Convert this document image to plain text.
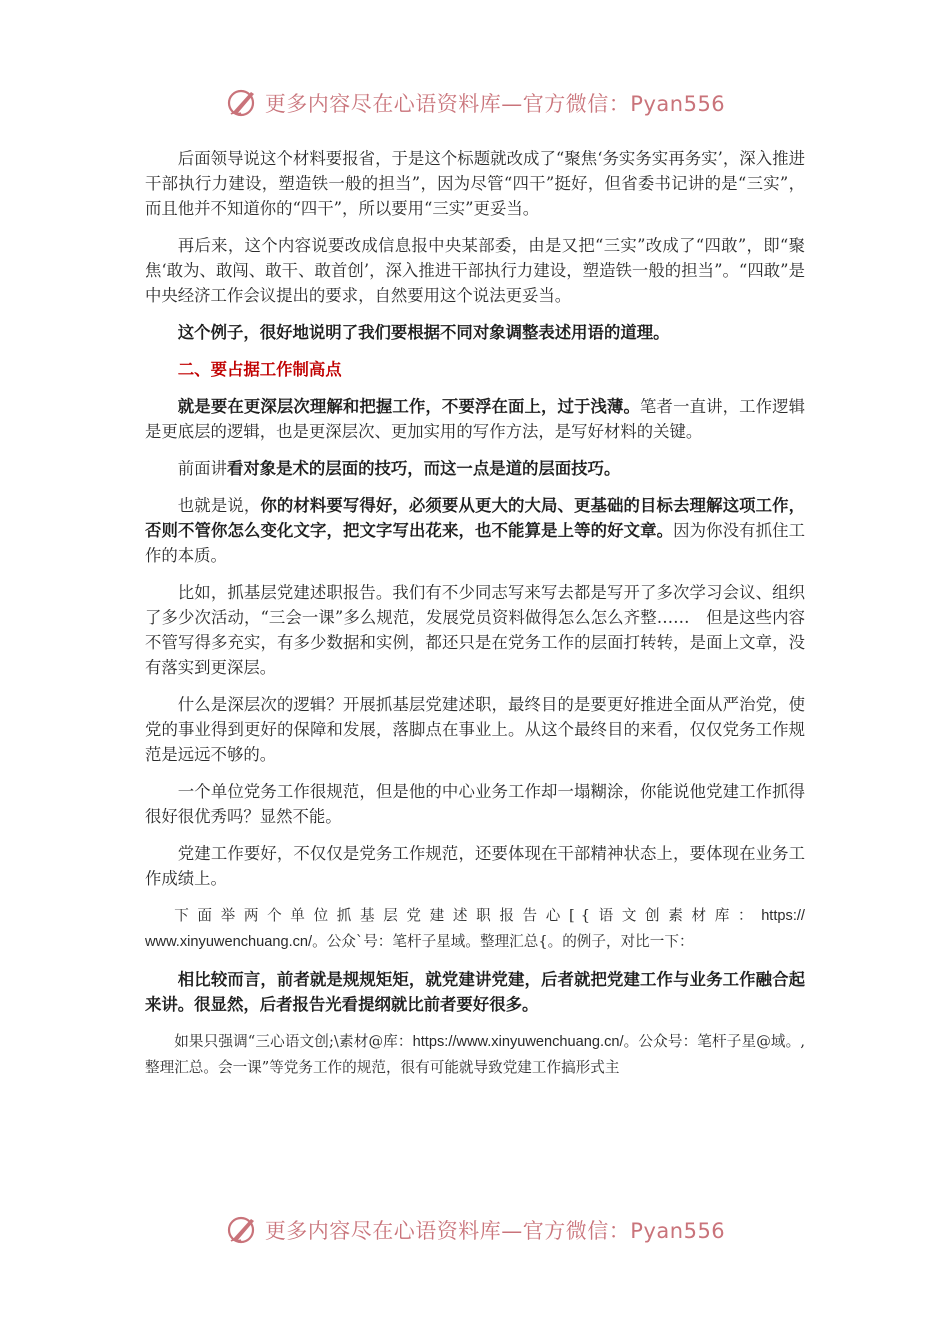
更多内容尽在心语资料库—官方微信：Pyan556

后面领导说这个材料要报省，于是这个标题就改成了“聚焦‘务实务实再务实’，深入推进干部执行力建设，塑造铁一般的担当”，因为尽管“四干”挺好，但省委书记讲的是“三实”，而且他并不知道你的“四干”，所以要用“三实”更妥当。

再后来，这个内容说要改成信息报中央某部委，由是又把“三实”改成了“四敢”，即“聚焦‘敢为、敢闯、敢干、敢首创’，深入推进干部执行力建设，塑造铁一般的担当”。“四敢”是中央经济工作会议提出的要求，自然要用这个说法更妥当。

这个例子，很好地说明了我们要根据不同对象调整表述用语的道理。

二、要占据工作制高点

就是要在更深层次理解和把握工作，不要浮在面上，过于浅薄。笔者一直讲，工作逻辑是更底层的逻辑，也是更深层次、更加实用的写作方法，是写好材料的关键。

前面讲看对象是术的层面的技巧，而这一点是道的层面技巧。

也就是说，你的材料要写得好，必须要从更大的大局、更基础的目标去理解这项工作，否则不管你怎么变化文字，把文字写出花来，也不能算是上等的好文章。因为你没有抓住工作的本质。

比如，抓基层党建述职报告。我们有不少同志写来写去都是写开了多次学习会议、组织了多少次活动，“三会一课”多么规范，发展党员资料做得怎么怎么齐整……　但是这些内容不管写得多充实，有多少数据和实例，都还只是在党务工作的层面打转转，是面上文章，没有落实到更深层。

什么是深层次的逻辑？开展抓基层党建述职，最终目的是要更好推进全面从严治党，使党的事业得到更好的保障和发展，落脚点在事业上。从这个最终目的来看，仅仅党务工作规范是远远不够的。

一个单位党务工作很规范，但是他的中心业务工作却一塌糊涂，你能说他党建工作抓得很好很优秀吗？显然不能。

党建工作要好，不仅仅是党务工作规范，还要体现在干部精神状态上，要体现在业务工作成绩上。

下面举两个单位抓基层党建述职报告心[{语文创素材库：https:// www.xinyuwenchuang.cn/。公众`号：笔杆子星域。整理汇总{。的例子，对比一下：

相比较而言，前者就是规规矩矩，就党建讲党建，后者就把党建工作与业务工作融合起来讲。很显然，后者报告光看提纲就比前者要好很多。

如果只强调“三心语文创;\素材@库：https://www.xinyuwenchuang.cn/。公众号：笔杆子星@域。,整理汇总。会一课”等党务工作的规范，很有可能就导致党建工作搞形式主

更多内容尽在心语资料库—官方微信：Pyan556
